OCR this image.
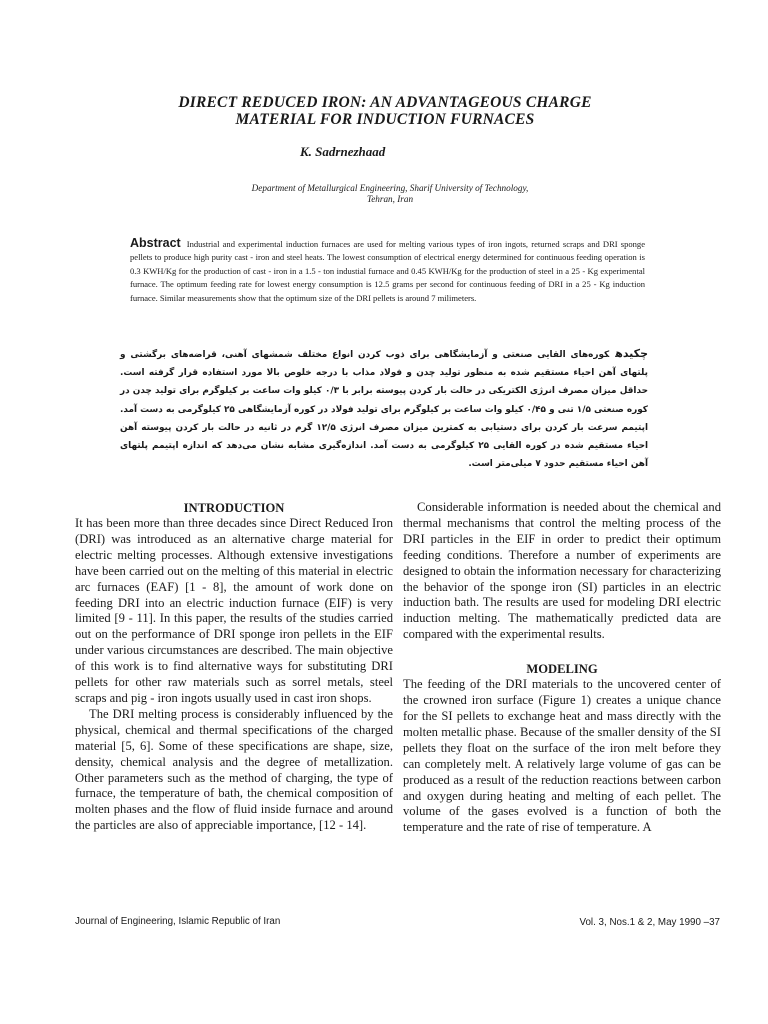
DIRECT REDUCED IRON: AN ADVANTAGEOUS CHARGE
MATERIAL FOR INDUCTION FURNACES
K. Sadrnezhaad
Department of Metallurgical Engineering, Sharif University of Technology,
Tehran, Iran
Abstract Industrial and experimental induction furnaces are used for melting various types of iron ingots, returned scraps and DRI sponge pellets to produce high purity cast - iron and steel heats. The lowest consumption of electrical energy determined for continuous feeding operation is 0.3 KWH/Kg for the production of cast - iron in a 1.5 - ton industial furnace and 0.45 KWH/Kg for the production of steel in a 25 - Kg experimental furnace. The optimum feeding rate for lowest energy consumption is 12.5 grams per second for continuous feeding of DRI in a 25 - Kg induction furnace. Similar measurements show that the optimum size of the DRI pellets is around 7 milimeters.
چکیدهکوره‌های القایی صنعتی و آزمایشگاهی برای ذوب کردن انواع مختلف شمشهای آهنی، قراضه‌های برگشتی و پلتهای آهن احیاء مستقیم شده به منظور تولید چدن و فولاد مذاب با درجه خلوص بالا مورد استفاده قرار گرفته است. حداقل میزان مصرف انرژی الکتریکی در حالت بار کردن پیوسته برابر با ۰/۳ کیلو وات ساعت بر کیلوگرم برای تولید چدن در کوره صنعتی ۱/۵ تنی و ۰/۴۵ کیلو وات ساعت بر کیلوگرم برای تولید فولاد در کوره آزمایشگاهی ۲۵ کیلوگرمی به دست آمد. اپتیمم سرعت بار کردن برای دستیابی به کمترین میزان مصرف انرژی ۱۲/۵ گرم در ثانیه در حالت بار کردن پیوسته آهن احیاء مستقیم شده در کوره القایی ۲۵ کیلوگرمی به دست آمد. اندازه‌گیری مشابه نشان می‌دهد که اندازه اپتیمم پلتهای آهن احیاء مستقیم حدود ۷ میلی‌متر است.
INTRODUCTION

It has been more than three decades since Direct Reduced Iron (DRI) was introduced as an alternative charge material for electric melting processes. Although extensive investigations have been carried out on the melting of this material in electric arc furnaces (EAF) [1 - 8], the amount of work done on feeding DRI into an electric induction furnace (EIF) is very limited [9 - 11]. In this paper, the results of the studies carried out on the performance of DRI sponge iron pellets in the EIF under various circumstances are described. The main objective of this work is to find alternative ways for substituting DRI pellets for other raw materials such as sorrel metals, steel scraps and pig - iron ingots usually used in cast iron shops.

The DRI melting process is considerably influenced by the physical, chemical and thermal specifications of the charged material [5, 6]. Some of these specifications are shape, size, density, chemical analysis and the degree of metallization. Other parameters such as the method of charging, the type of furnace, the temperature of bath, the chemical composition of molten phases and the flow of fluid inside furnace and around the particles are also of appreciable importance, [12 - 14].

Considerable information is needed about the chemical and thermal mechanisms that control the melting process of the DRI particles in the EIF in order to predict their optimum feeding conditions. Therefore a number of experiments are designed to obtain the information necessary for characterizing the behavior of the sponge iron (SI) particles in an electric induction bath. The results are used for modeling DRI electric induction melting. The mathematically predicted data are compared with the experimental results.

MODELING

The feeding of the DRI materials to the uncovered center of the crowned iron surface (Figure 1) creates a unique chance for the SI pellets to exchange heat and mass directly with the molten metallic phase. Because of the smaller density of the SI pellets they float on the surface of the iron melt before they can completely melt. A relatively large volume of gas can be produced as a result of the reduction reactions between carbon and oxygen during heating and melting of each pellet. The volume of the gases evolved is a function of both the temperature and the rate of rise of temperature. A

Journal of Engineering, Islamic Republic of Iran	Vol. 3, Nos.1 & 2, May 1990 –37
